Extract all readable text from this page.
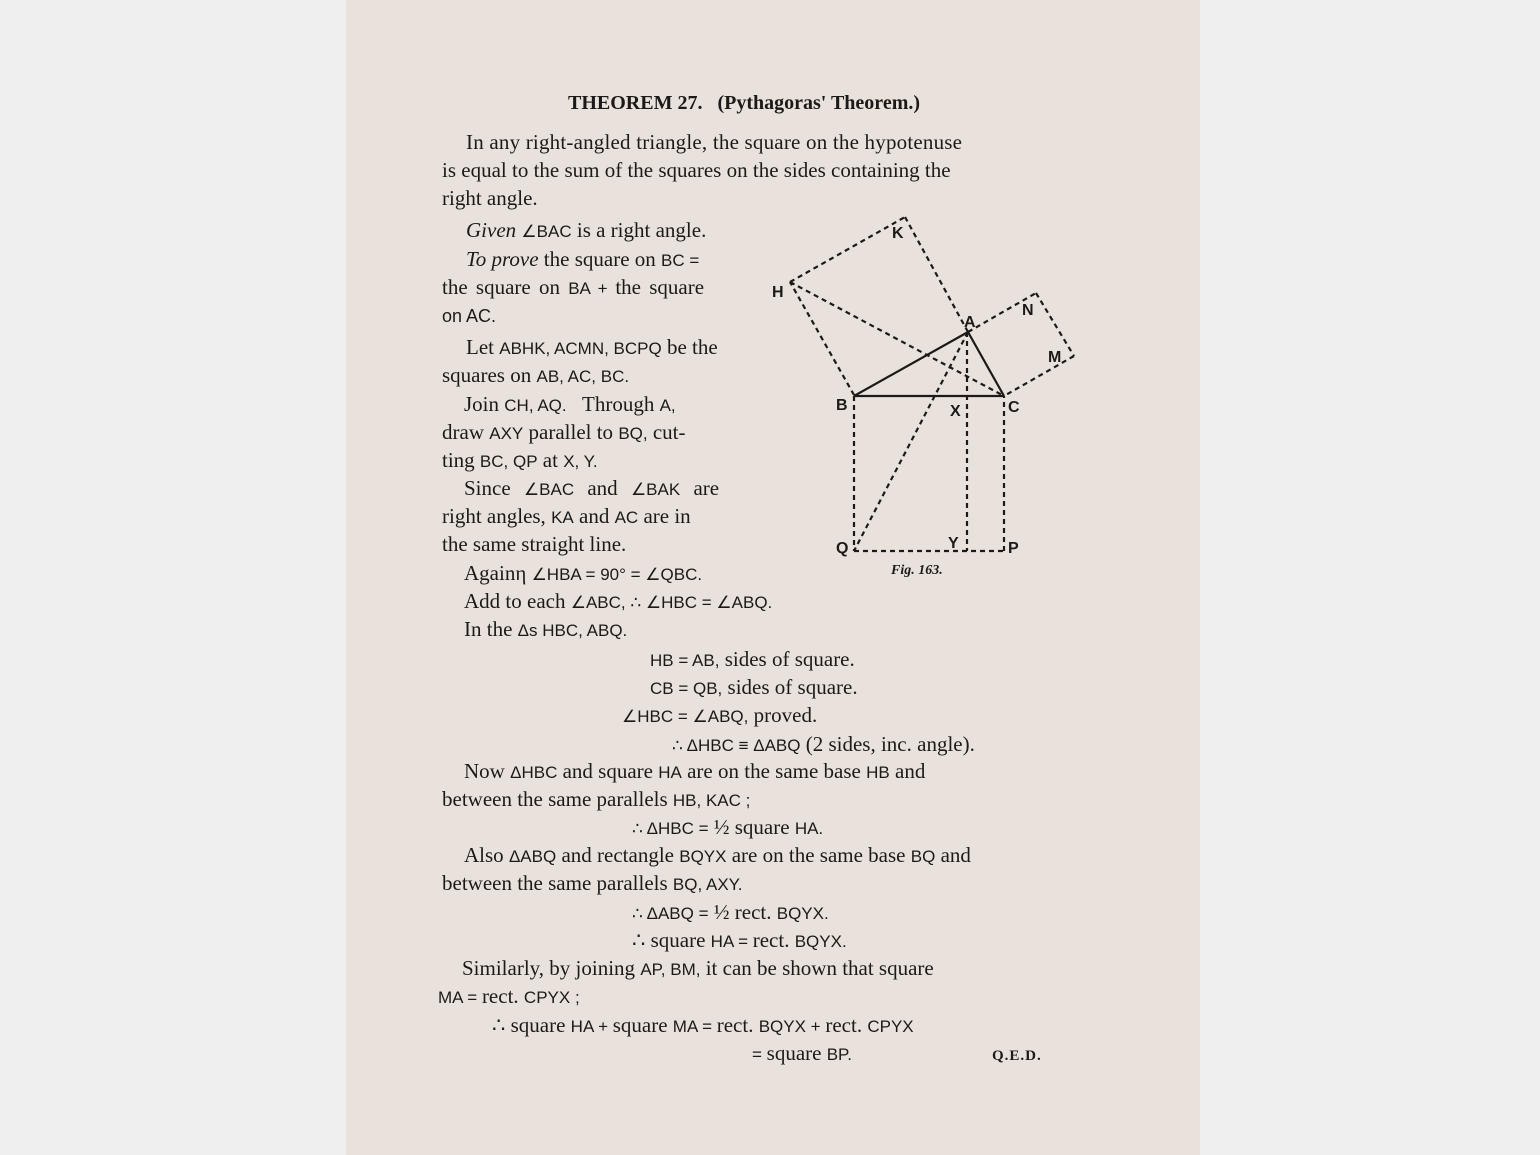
THEOREM 27. (Pythagoras' Theorem.)
In any right-angled triangle, the square on the hypotenuse
is equal to the sum of the squares on the sides containing the
right angle.
Given ∠BAC is a right angle.
To prove the square on BC =
the square on BA + the square
on AC.
Let ABHK, ACMN, BCPQ be the
squares on AB, AC, BC.
Join CH, AQ. Through A,
draw AXY parallel to BQ, cut-
ting BC, QP at X, Y.
Since ∠BAC and ∠BAK are
right angles, KA and AC are in
the same straight line.
Againη ∠HBA = 90° = ∠QBC.
Add to each ∠ABC, ∴ ∠HBC = ∠ABQ.
In the Δs HBC, ABQ.
HB = AB, sides of square.
CB = QB, sides of square.
∠HBC = ∠ABQ, proved.
∴ ΔHBC ≡ ΔABQ (2 sides, inc. angle).
Now ΔHBC and square HA are on the same base HB and
between the same parallels HB, KAC ;
∴ ΔHBC = ½ square HA.
Also ΔABQ and rectangle BQYX are on the same base BQ and
between the same parallels BQ, AXY.
∴ ΔABQ = ½ rect. BQYX.
∴ square HA = rect. BQYX.
Similarly, by joining AP, BM, it can be shown that square
MA = rect. CPYX ;
∴ square HA + square MA = rect. BQYX + rect. CPYX
= square BP.	Q.E.D.
K
H
A
N
M
B	X	C
Q	Y	P
Fig. 163.
